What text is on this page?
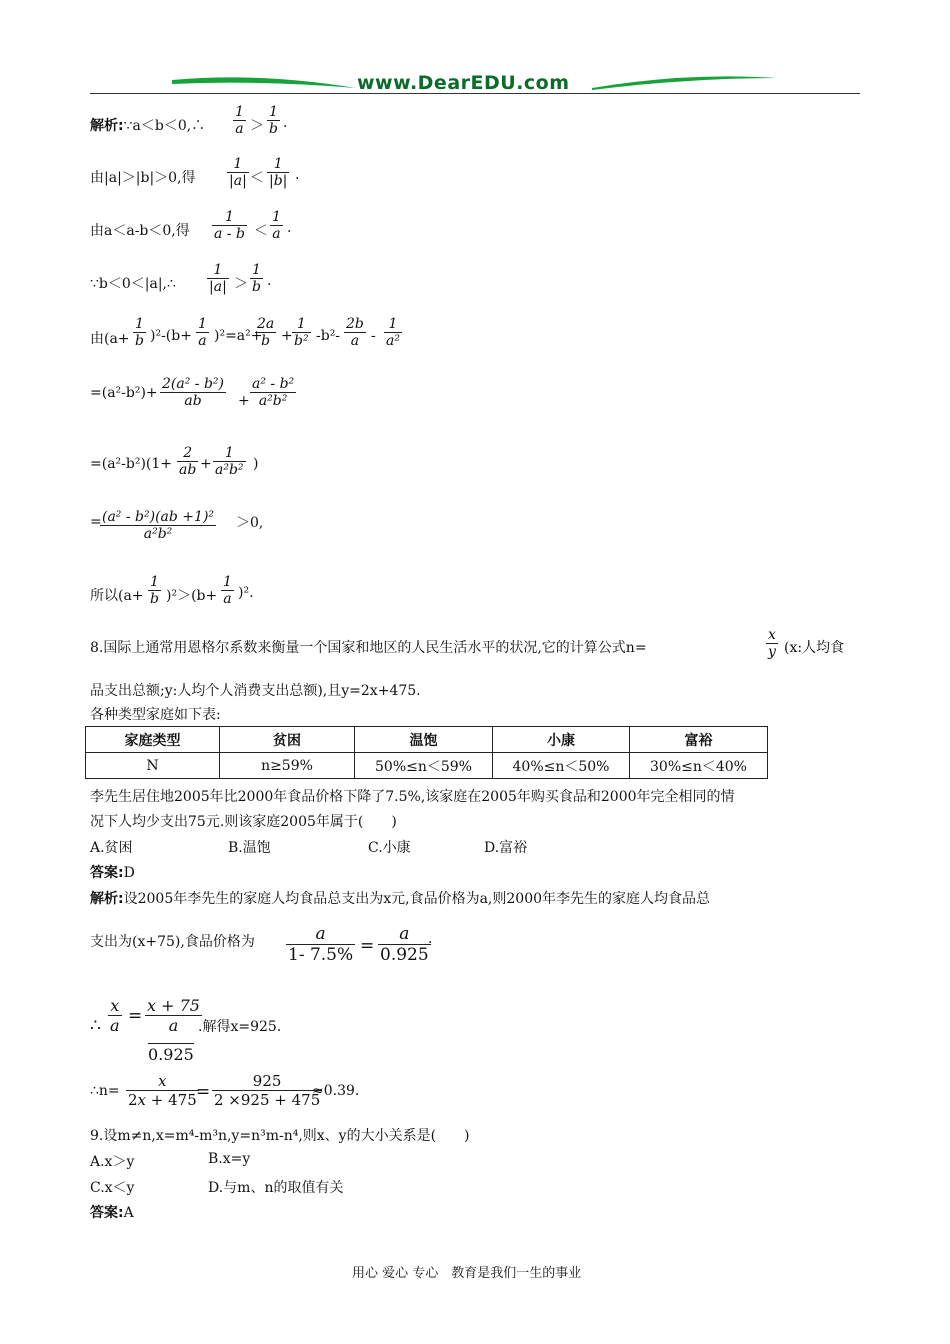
www.DearEDU.com
解析:∵a＜b＜0,∴
1
a ＞
1
b .
由|a|＞|b|＞0,得
1
|a| ＜
1
|b| .
由a＜a-b＜0,得
1
a - b ＜
1
a .
∵b＜0＜|a|,∴
1
|a| ＞
1
b .
由(a+
1
b )²-(b+
1
a )²=a²+
2a
b +
1
b² -b²-
2b
a -
1
a²
=(a²-b²)+
2(a² - b²)
ab	+
a² - b²
a²b²
=(a²-b²)(1+
2
ab +
1
a²b² )
= (a² - b²)(ab +1)²
a²b²
＞0,
所以(a+
1
b )²＞(b+
1
a )².
8.国际上通常用恩格尔系数来衡量一个国家和地区的人民生活水平的状况,它的计算公式n=
x
y (x:人均食
品支出总额;y:人均个人消费支出总额),且y=2x+475.
各种类型家庭如下表:
家庭类型	贫困	温饱	小康	富裕
N	n≥59%	50%≤n＜59%	40%≤n＜50%	30%≤n＜40%
李先生居住地2005年比2000年食品价格下降了7.5%,该家庭在2005年购买食品和2000年完全相同的情
况下人均少支出75元.则该家庭2005年属于(　　)
A.贫困	B.温饱	C.小康	D.富裕
答案:D
解析:设2005年李先生的家庭人均食品总支出为x元,食品价格为a,则2000年李先生的家庭人均食品总
支出为(x+75),食品价格为	a
1- 7.5% =
a
0.925
.
∴
x
a =
x + 75
a
0.925
.解得x=925.
∴n=
x
2x + 475 =
925
2 ×925 + 475
≈0.39.
9.设m≠n,x=m⁴-m³n,y=n³m-n⁴,则x、y的大小关系是(　　)
A.x＞y	B.x=y
C.x＜y	D.与m、n的取值有关
答案:A
用心 爱心 专心　教育是我们一生的事业
